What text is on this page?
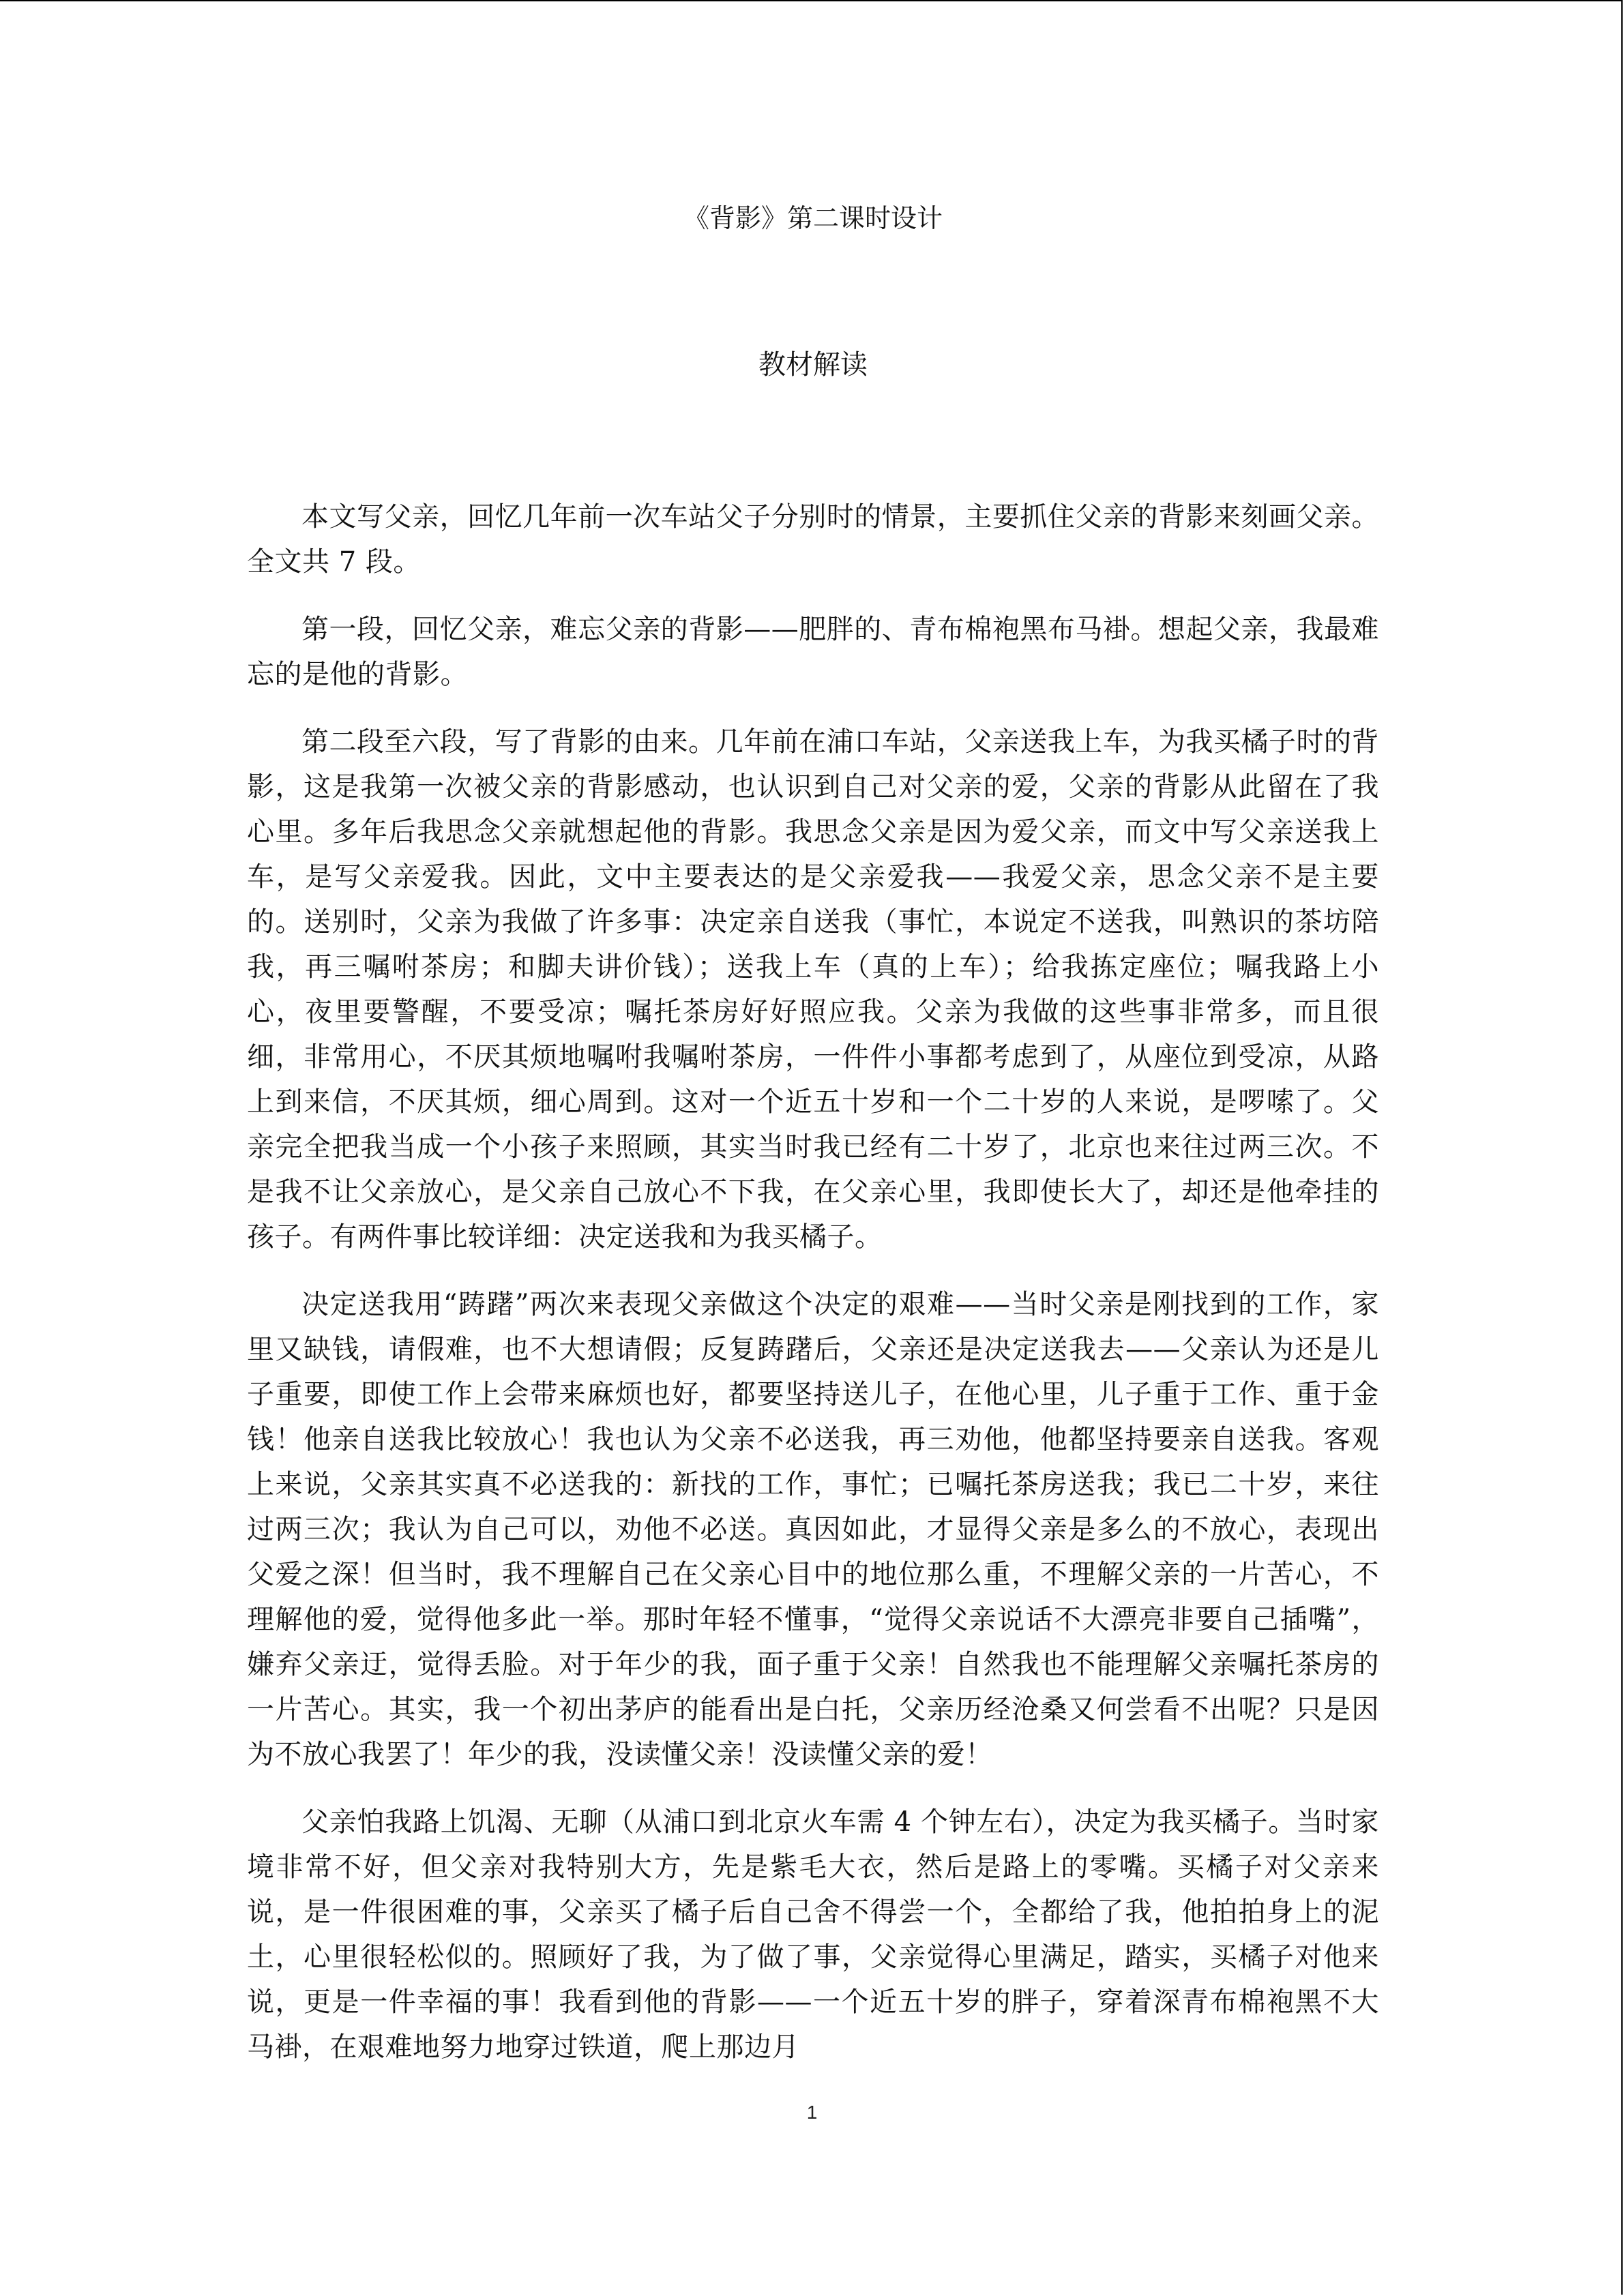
《背影》第二课时设计
教材解读

本文写父亲，回忆几年前一次车站父子分别时的情景，主要抓住父亲的背影来刻画父亲。全文共 7 段。

第一段，回忆父亲，难忘父亲的背影——肥胖的、青布棉袍黑布马褂。想起父亲，我最难忘的是他的背影。

第二段至六段，写了背影的由来。几年前在浦口车站，父亲送我上车，为我买橘子时的背影，这是我第一次被父亲的背影感动，也认识到自己对父亲的爱，父亲的背影从此留在了我心里。多年后我思念父亲就想起他的背影。我思念父亲是因为爱父亲，而文中写父亲送我上车，是写父亲爱我。因此，文中主要表达的是父亲爱我——我爱父亲，思念父亲不是主要的。送别时，父亲为我做了许多事：决定亲自送我（事忙，本说定不送我，叫熟识的茶坊陪我，再三嘱咐茶房；和脚夫讲价钱）；送我上车（真的上车）；给我拣定座位；嘱我路上小心，夜里要警醒，不要受凉；嘱托茶房好好照应我。父亲为我做的这些事非常多，而且很细，非常用心，不厌其烦地嘱咐我嘱咐茶房，一件件小事都考虑到了，从座位到受凉，从路上到来信，不厌其烦，细心周到。这对一个近五十岁和一个二十岁的人来说，是啰嗦了。父亲完全把我当成一个小孩子来照顾，其实当时我已经有二十岁了，北京也来往过两三次。不是我不让父亲放心，是父亲自己放心不下我，在父亲心里，我即使长大了，却还是他牵挂的孩子。有两件事比较详细：决定送我和为我买橘子。

决定送我用“踌躇”两次来表现父亲做这个决定的艰难——当时父亲是刚找到的工作，家里又缺钱，请假难，也不大想请假；反复踌躇后，父亲还是决定送我去——父亲认为还是儿子重要，即使工作上会带来麻烦也好，都要坚持送儿子，在他心里，儿子重于工作、重于金钱！他亲自送我比较放心！我也认为父亲不必送我，再三劝他，他都坚持要亲自送我。客观上来说，父亲其实真不必送我的：新找的工作，事忙；已嘱托茶房送我；我已二十岁，来往过两三次；我认为自己可以，劝他不必送。真因如此，才显得父亲是多么的不放心，表现出父爱之深！但当时，我不理解自己在父亲心目中的地位那么重，不理解父亲的一片苦心，不理解他的爱，觉得他多此一举。那时年轻不懂事，“觉得父亲说话不大漂亮非要自己插嘴”，嫌弃父亲迂，觉得丢脸。对于年少的我，面子重于父亲！自然我也不能理解父亲嘱托茶房的一片苦心。其实，我一个初出茅庐的能看出是白托，父亲历经沧桑又何尝看不出呢？只是因为不放心我罢了！年少的我，没读懂父亲！没读懂父亲的爱！

父亲怕我路上饥渴、无聊（从浦口到北京火车需 4 个钟左右），决定为我买橘子。当时家境非常不好，但父亲对我特别大方，先是紫毛大衣，然后是路上的零嘴。买橘子对父亲来说，是一件很困难的事，父亲买了橘子后自己舍不得尝一个，全都给了我，他拍拍身上的泥土，心里很轻松似的。照顾好了我，为了做了事，父亲觉得心里满足，踏实，买橘子对他来说，更是一件幸福的事！我看到他的背影——一个近五十岁的胖子，穿着深青布棉袍黑不大马褂，在艰难地努力地穿过铁道，爬上那边月

1
